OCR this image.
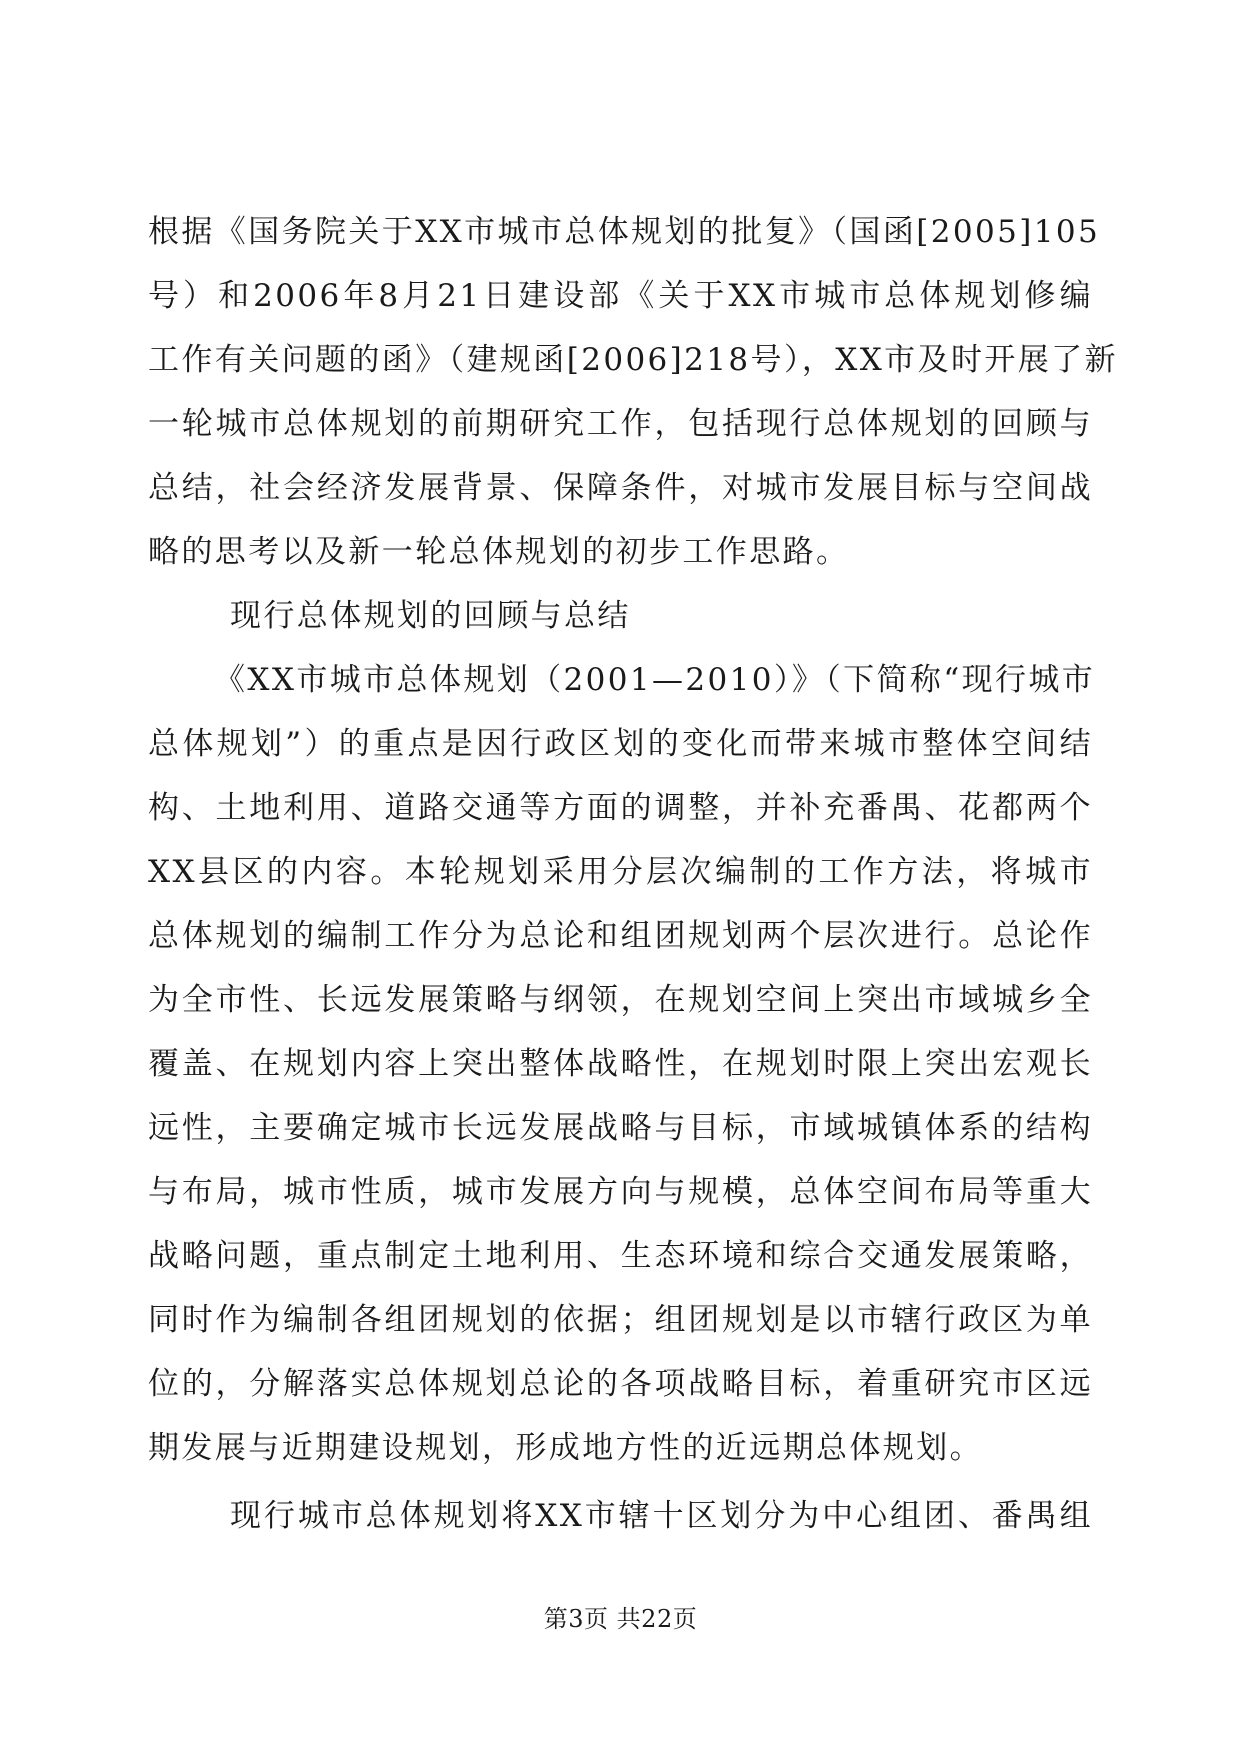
根据《国务院关于XX市城市总体规划的批复》（国函[2005]105
号）和2006年8月21日建设部《关于XX市城市总体规划修编
工作有关问题的函》（建规函[2006]218号），XX市及时开展了新
一轮城市总体规划的前期研究工作，包括现行总体规划的回顾与
总结，社会经济发展背景、保障条件，对城市发展目标与空间战
略的思考以及新一轮总体规划的初步工作思路。
现行总体规划的回顾与总结
《XX市城市总体规划（2001—2010）》（下简称“现行城市
总体规划”）的重点是因行政区划的变化而带来城市整体空间结
构、土地利用、道路交通等方面的调整，并补充番禺、花都两个
XX县区的内容。本轮规划采用分层次编制的工作方法，将城市
总体规划的编制工作分为总论和组团规划两个层次进行。总论作
为全市性、长远发展策略与纲领，在规划空间上突出市域城乡全
覆盖、在规划内容上突出整体战略性，在规划时限上突出宏观长
远性，主要确定城市长远发展战略与目标，市域城镇体系的结构
与布局，城市性质，城市发展方向与规模，总体空间布局等重大
战略问题，重点制定土地利用、生态环境和综合交通发展策略，
同时作为编制各组团规划的依据；组团规划是以市辖行政区为单
位的，分解落实总体规划总论的各项战略目标，着重研究市区远
期发展与近期建设规划，形成地方性的近远期总体规划。
现行城市总体规划将XX市辖十区划分为中心组团、番禺组
第3页 共22页
